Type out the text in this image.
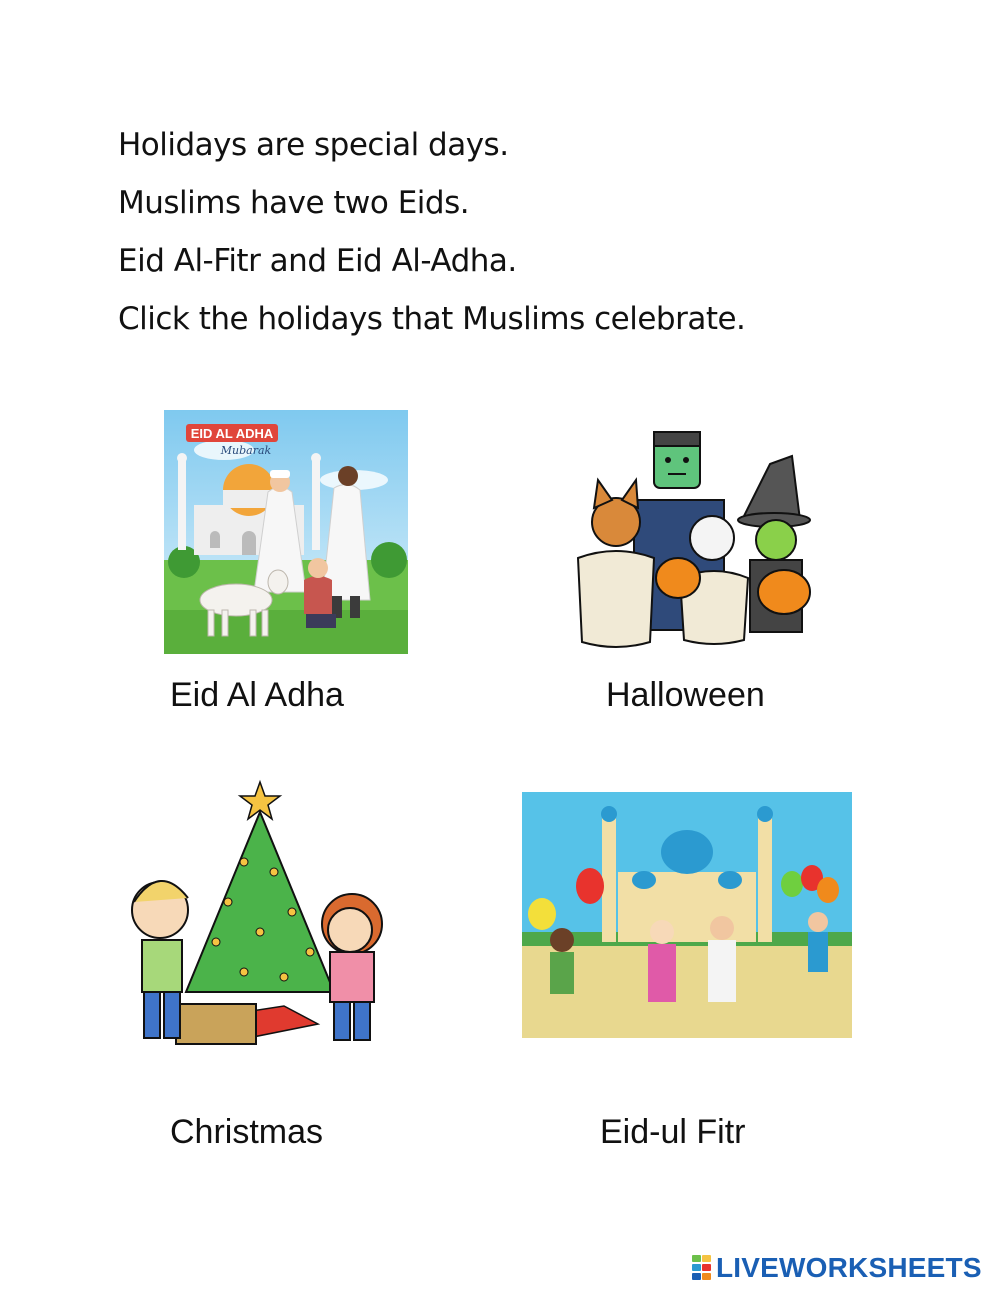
Holidays are special days.
Muslims have two Eids.
Eid Al-Fitr and Eid Al-Adha.
Click the holidays that Muslims celebrate.
EID AL ADHA
Mubarak
Eid Al Adha	Halloween
Christmas	Eid-ul Fitr
LIVEWORKSHEETS
